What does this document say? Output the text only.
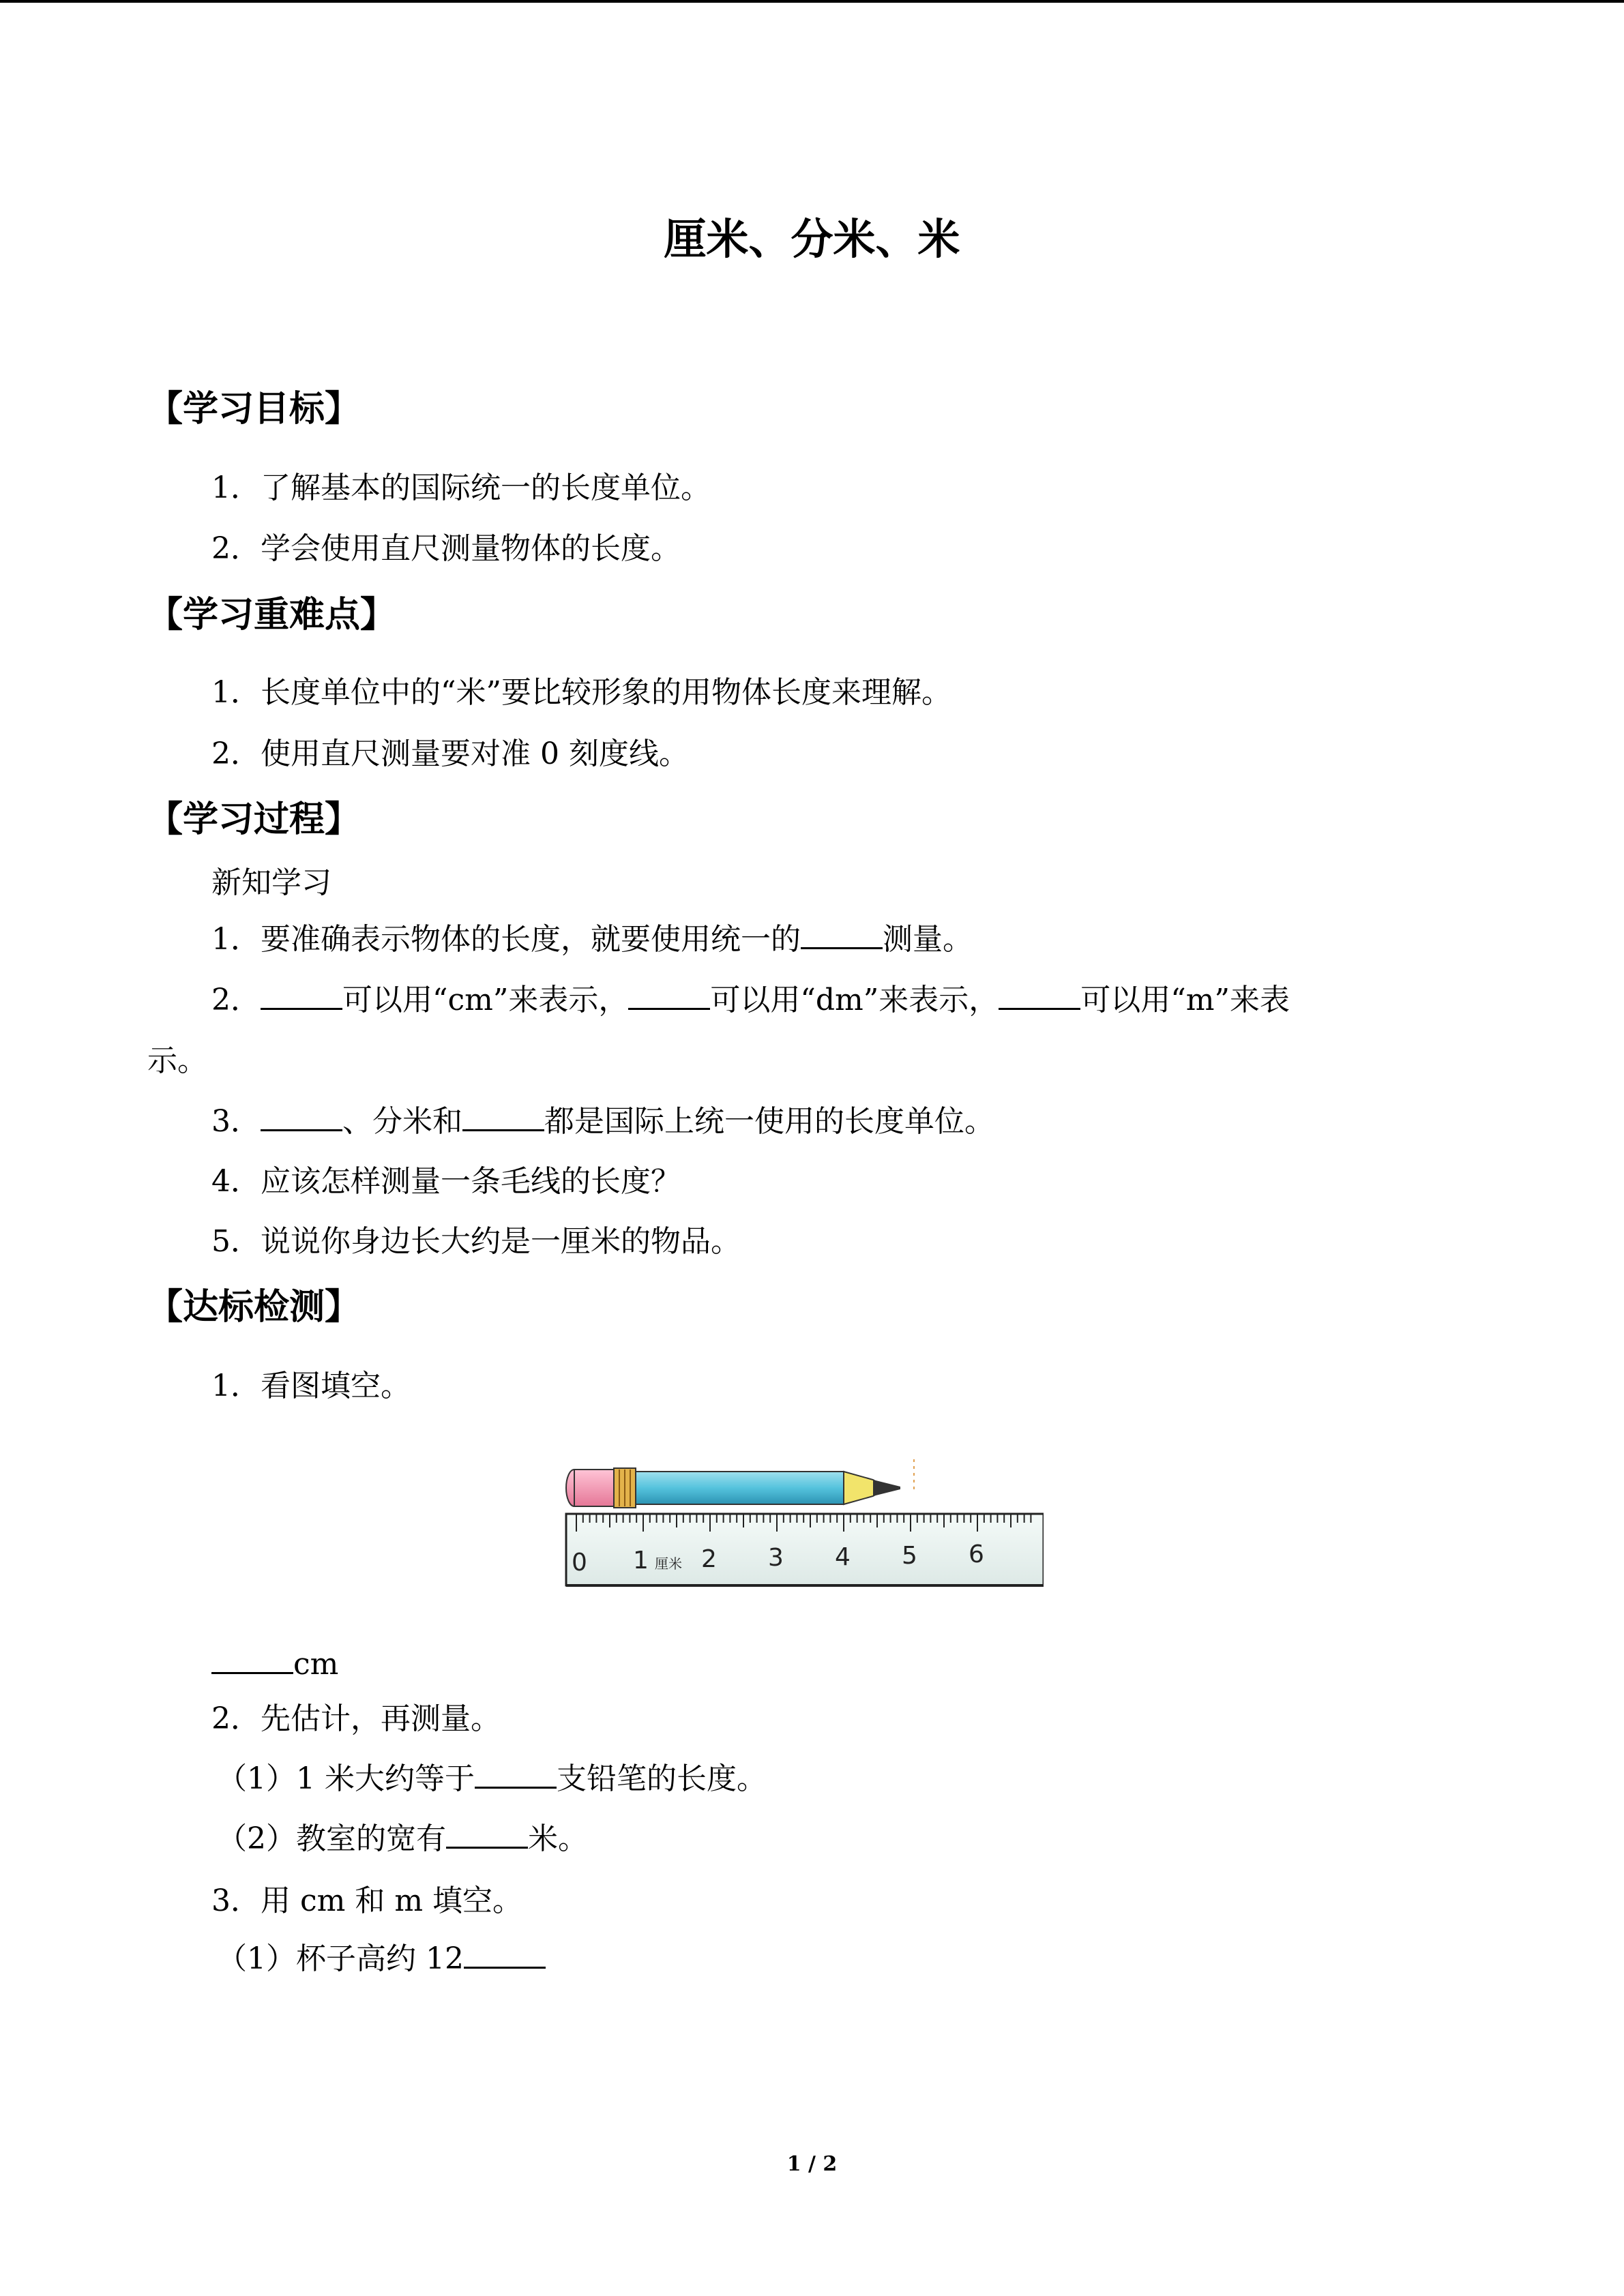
厘米、分米、米
【学习目标】
1．了解基本的国际统一的长度单位。
2．学会使用直尺测量物体的长度。
【学习重难点】
1．长度单位中的“米”要比较形象的用物体长度来理解。
2．使用直尺测量要对准 0 刻度线。
【学习过程】
新知学习
1．要准确表示物体的长度，就要使用统一的	测量。
2．	可以用“cm”来表示，	可以用“dm”来表示，	可以用“m”来表
示。
3．	、分米和	都是国际上统一使用的长度单位。
4．应该怎样测量一条毛线的长度？
5．说说你身边长大约是一厘米的物品。
【达标检测】
1．看图填空。
0 1 厘米 2 3 4 5 6
cm
2．先估计，再测量。
（1）1 米大约等于	支铅笔的长度。
（2）教室的宽有	米。
3．用 cm 和 m 填空。
（1）杯子高约 12
1 / 2
